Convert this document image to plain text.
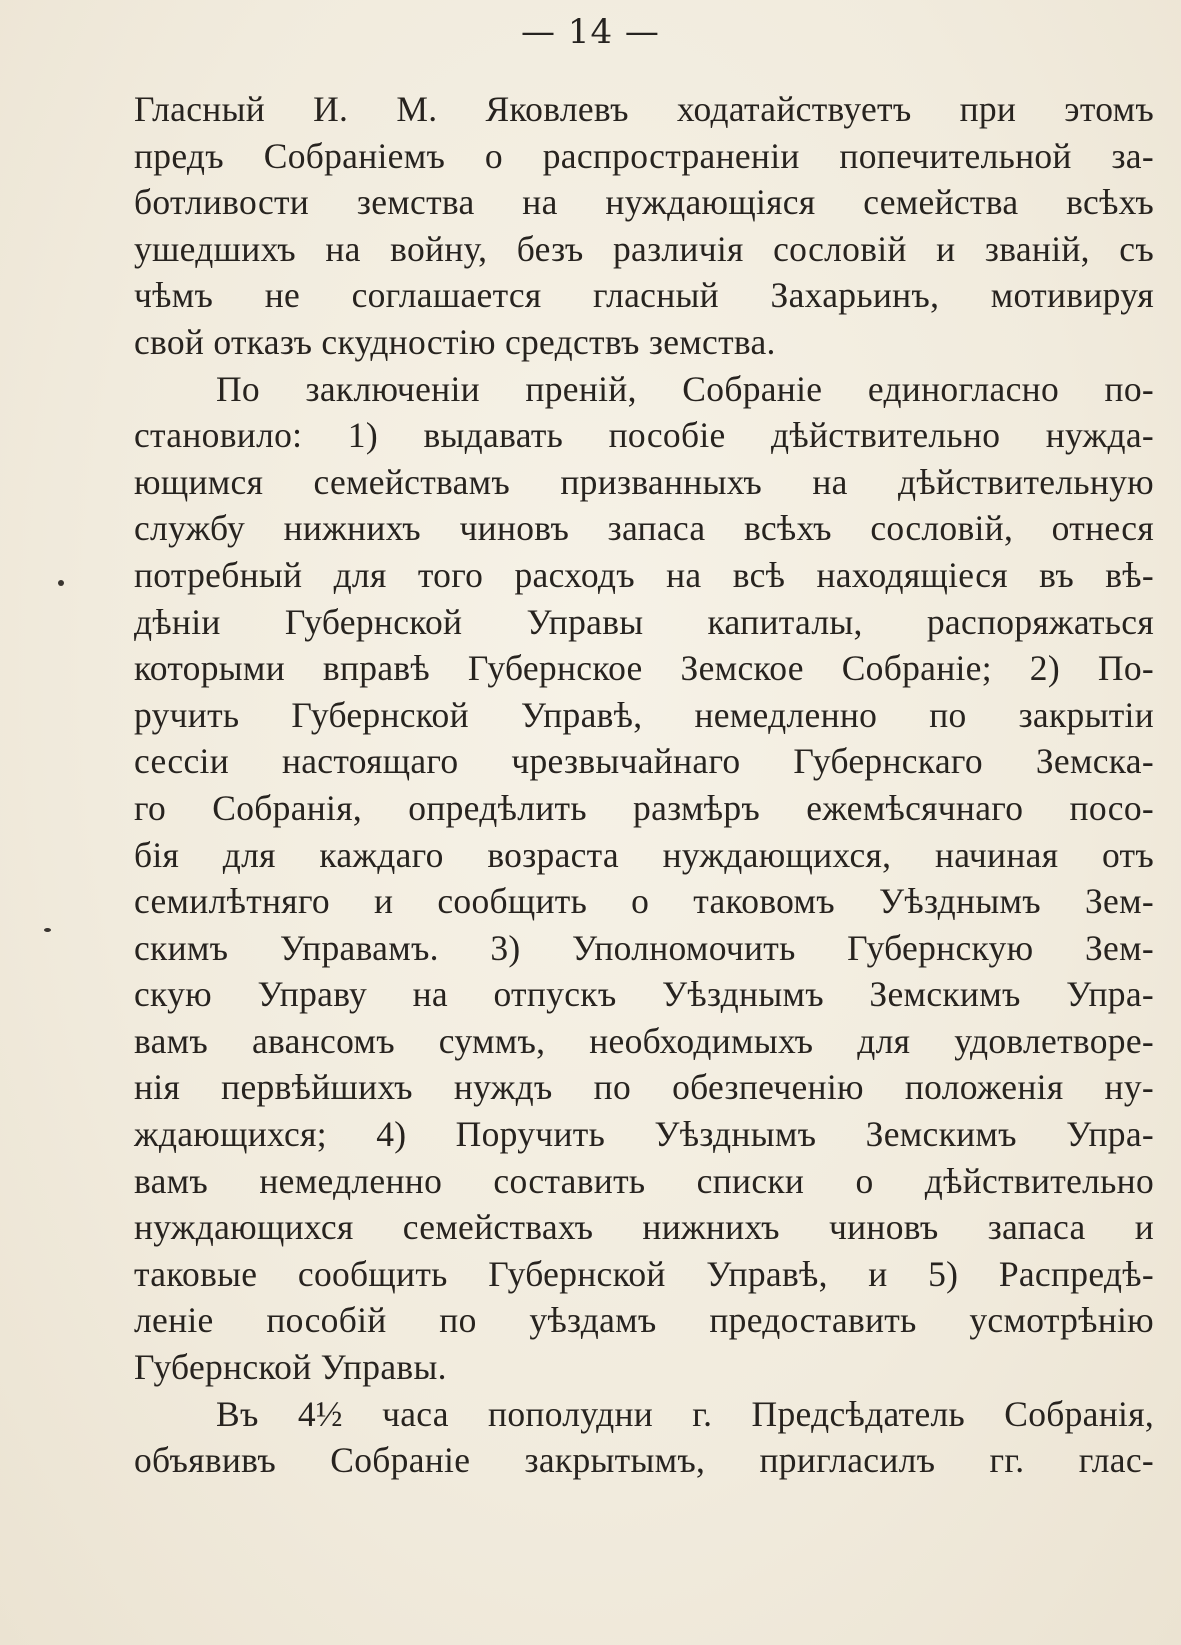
— 14 —
Гласный И. М. Яковлевъ ходатайствуетъ при этомъ
предъ Собраніемъ о распространеніи попечительной за-
ботливости земства на нуждающіяся семейства всѣхъ
ушедшихъ на войну, безъ различія сословій и званій, съ
чѣмъ не соглашается гласный Захарьинъ, мотивируя
свой отказъ скудностію средствъ земства.
По заключеніи преній, Собраніе единогласно по-
становило: 1) выдавать пособіе дѣйствительно нужда-
ющимся семействамъ призванныхъ на дѣйствительную
службу нижнихъ чиновъ запаса всѣхъ сословій, отнеся
потребный для того расходъ на всѣ находящіеся въ вѣ-
дѣніи Губернской Управы капиталы, распоряжаться
которыми вправѣ Губернское Земское Собраніе; 2) По-
ручить Губернской Управѣ, немедленно по закрытіи
сессіи настоящаго чрезвычайнаго Губернскаго Земска-
го Собранія, опредѣлить размѣръ ежемѣсячнаго посо-
бія для каждаго возраста нуждающихся, начиная отъ
семилѣтняго и сообщить о таковомъ Уѣзднымъ Зем-
скимъ Управамъ. 3) Уполномочить Губернскую Зем-
скую Управу на отпускъ Уѣзднымъ Земскимъ Упра-
вамъ авансомъ суммъ, необходимыхъ для удовлетворе-
нія первѣйшихъ нуждъ по обезпеченію положенія ну-
ждающихся; 4) Поручить Уѣзднымъ Земскимъ Упра-
вамъ немедленно составить списки о дѣйствительно
нуждающихся семействахъ нижнихъ чиновъ запаса и
таковые сообщить Губернской Управѣ, и 5) Распредѣ-
леніе пособій по уѣздамъ предоставить усмотрѣнію
Губернской Управы.
Въ 4½ часа пополудни г. Предсѣдатель Собранія,
объявивъ Собраніе закрытымъ, пригласилъ гг. глас-
